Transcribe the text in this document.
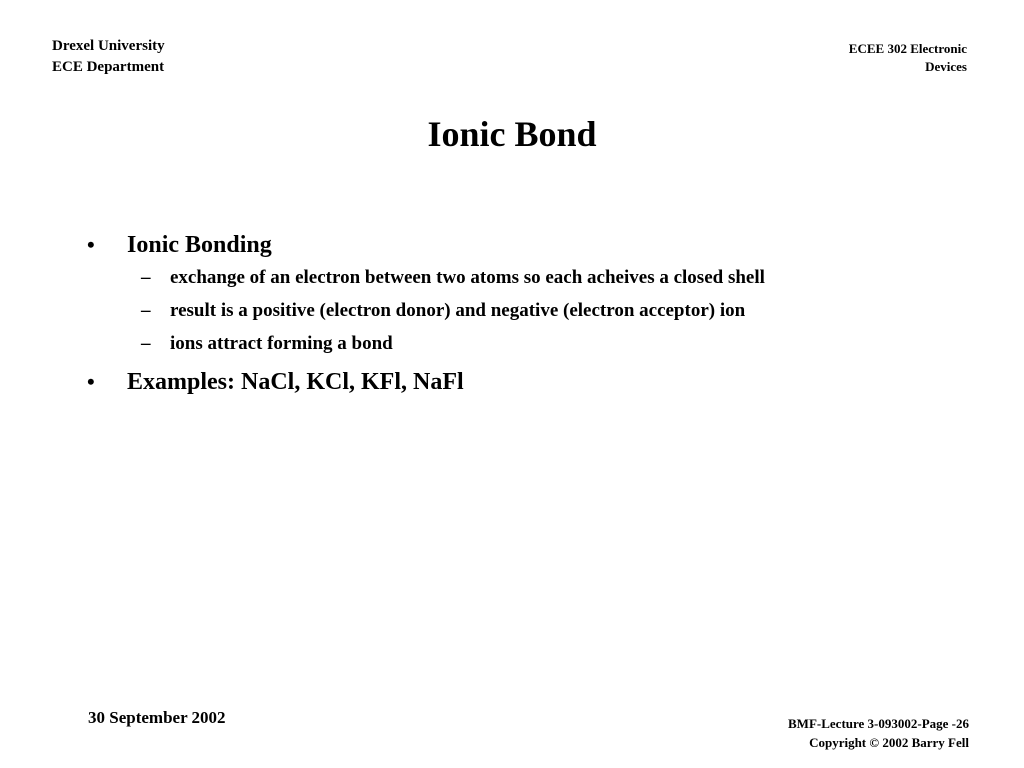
Drexel University
ECE Department
ECEE 302 Electronic
Devices
Ionic Bond
•	Ionic Bonding
–	exchange of an electron between two atoms so each acheives a closed shell
–	result is a positive (electron donor) and negative (electron acceptor) ion
–	ions attract forming a bond
•	Examples: NaCl, KCl, KFl, NaFl
30 September 2002	BMF-Lecture 3-093002-Page -26
Copyright © 2002 Barry Fell
